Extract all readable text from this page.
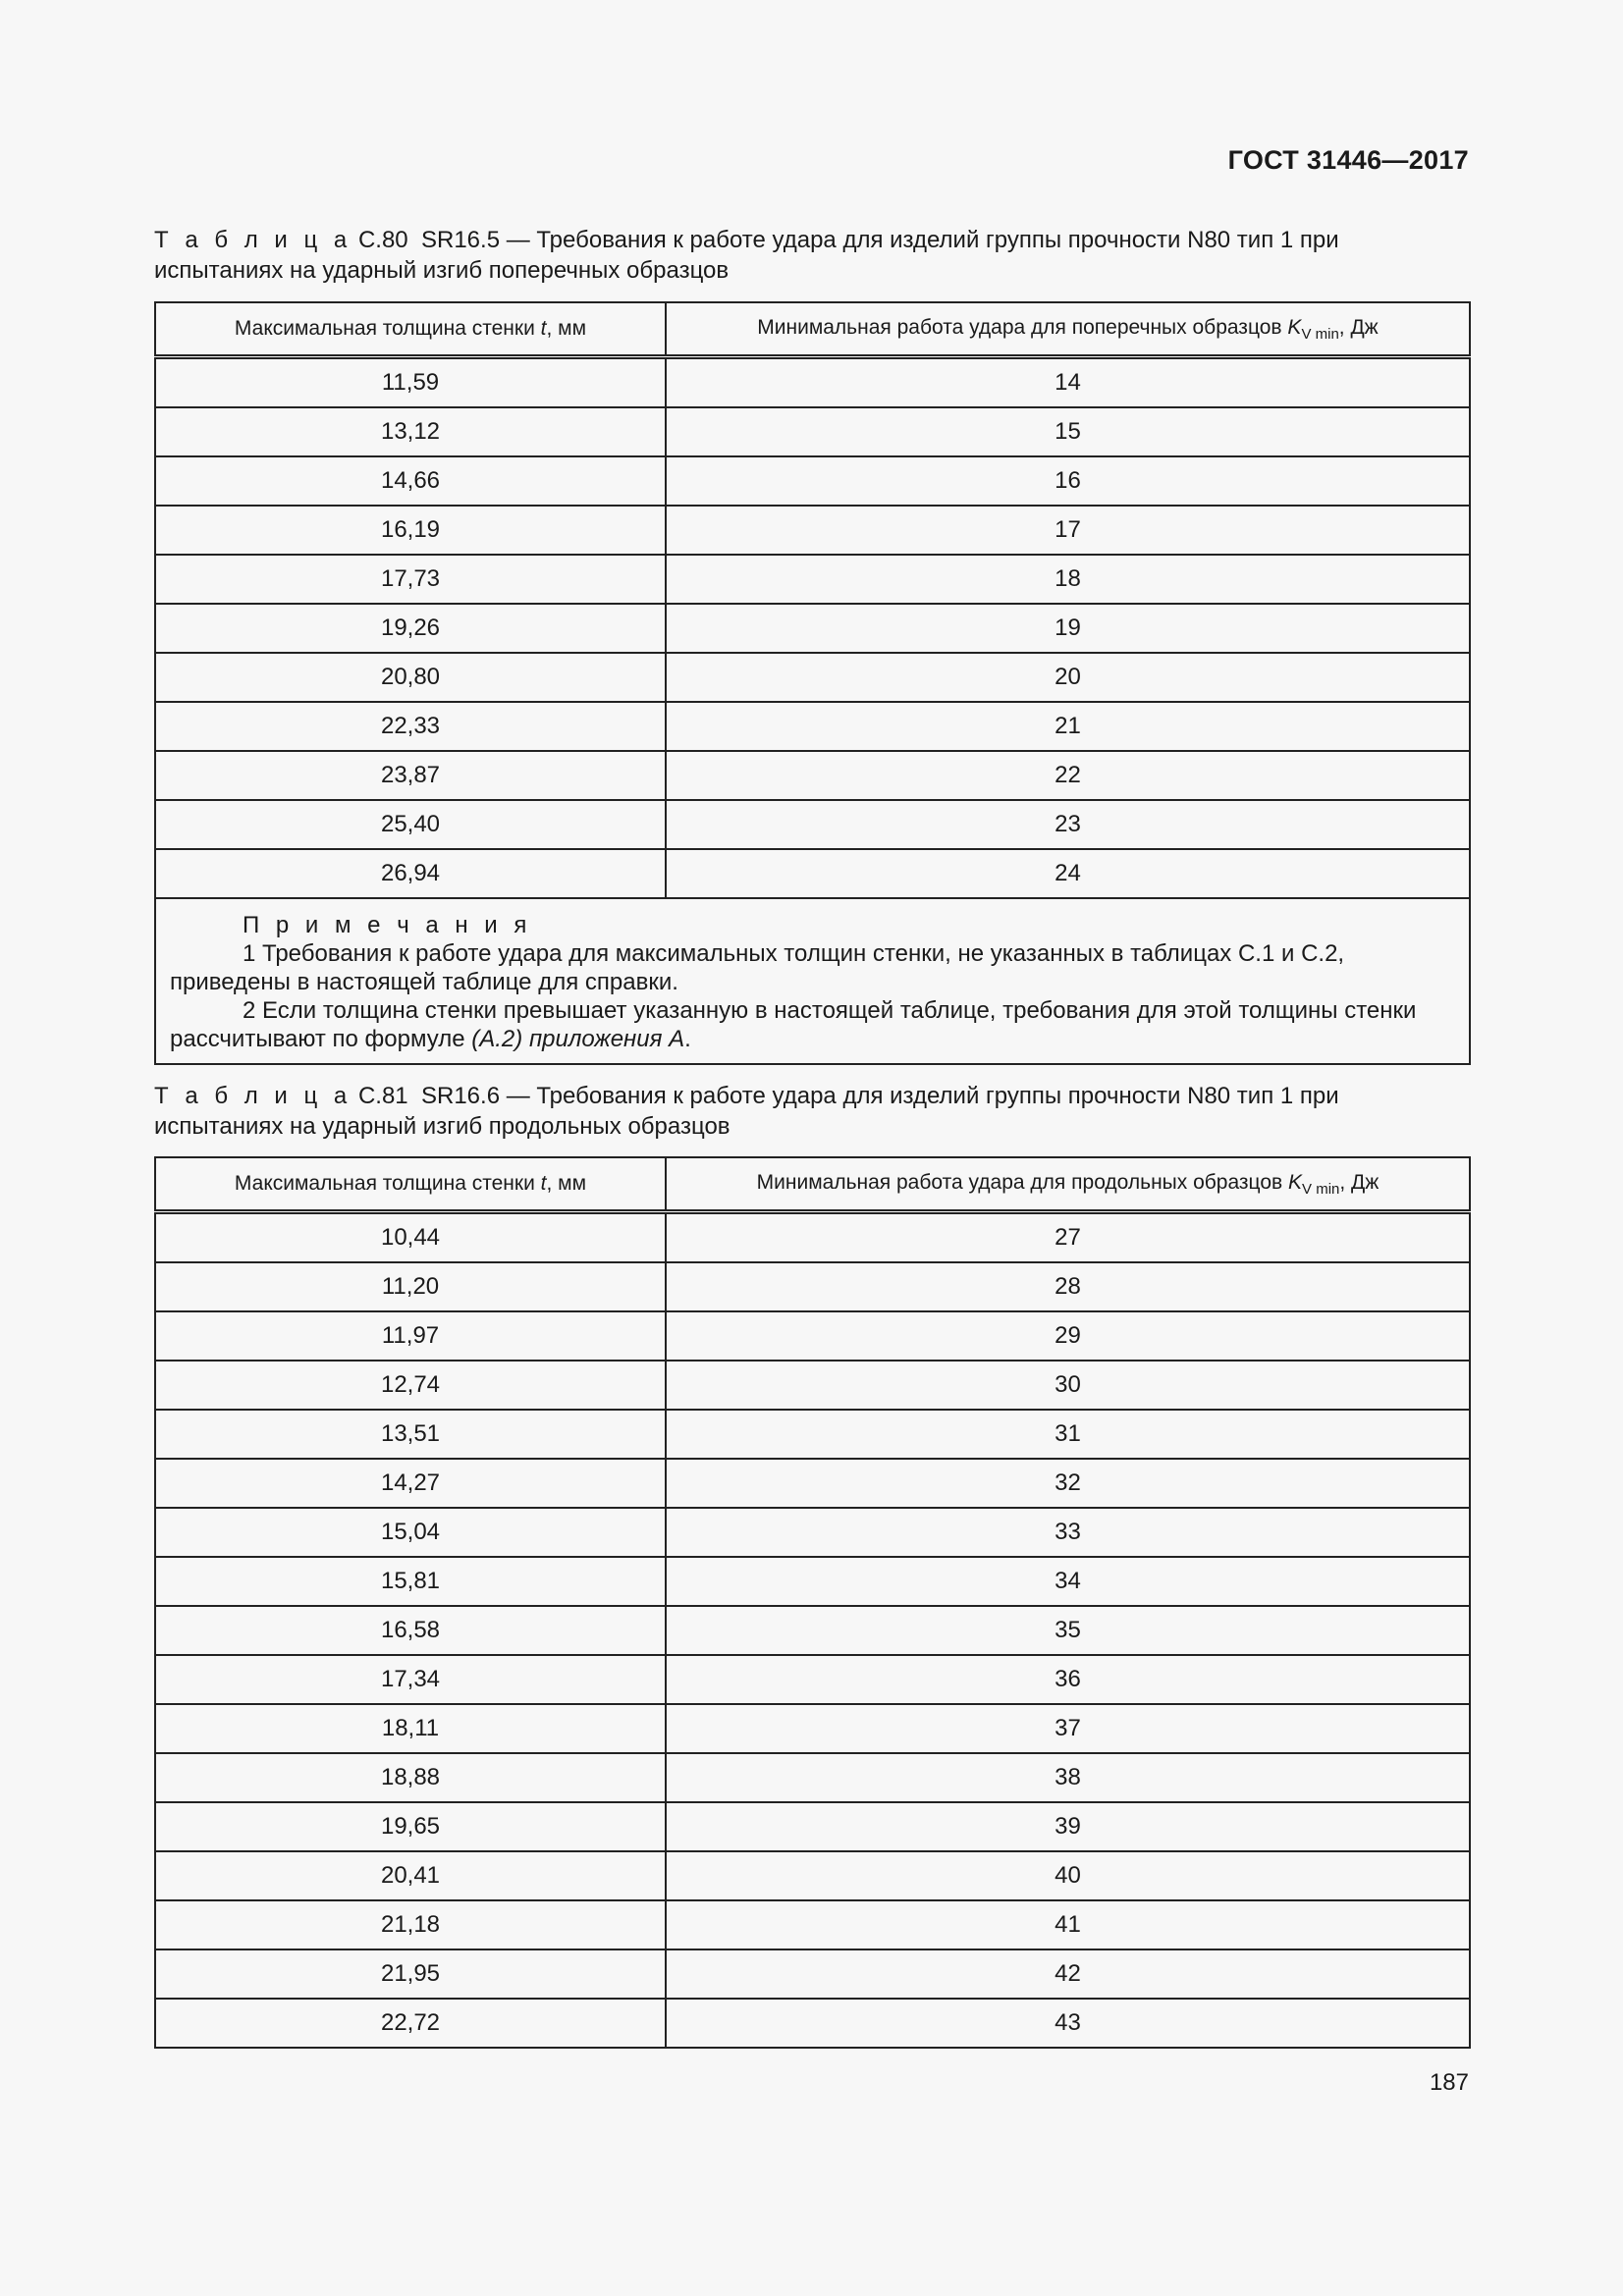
ГОСТ 31446—2017
Т а б л и ц а C.80 SR16.5 — Требования к работе удара для изделий группы прочности N80 тип 1 при испытаниях на ударный изгиб поперечных образцов
Максимальная толщина стенки t, мм	Минимальная работа удара для поперечных образцов $K_{V min}$, Дж
11,59	14
13,12	15
14,66	16
16,19	17
17,73	18
19,26	19
20,80	20
22,33	21
23,87	22
25,40	23
26,94	24

П р и м е ч а н и я

1 Требования к работе удара для максимальных толщин стенки, не указанных в таблицах С.1 и С.2, приведены в настоящей таблице для справки.

2 Если толщина стенки превышает указанную в настоящей таблице, требования для этой толщины стенки рассчитывают по формуле (А.2) приложения А.	

Т а б л и ц а C.81 SR16.6 — Требования к работе удара для изделий группы прочности N80 тип 1 при испытаниях на ударный изгиб продольных образцов
Максимальная толщина стенки t, мм	Минимальная работа удара для продольных образцов $K_{V min}$, Дж
10,44	27
11,20	28
11,97	29
12,74	30
13,51	31
14,27	32
15,04	33
15,81	34
16,58	35
17,34	36
18,11	37
18,88	38
19,65	39
20,41	40
21,18	41
21,95	42
22,72	43
187
